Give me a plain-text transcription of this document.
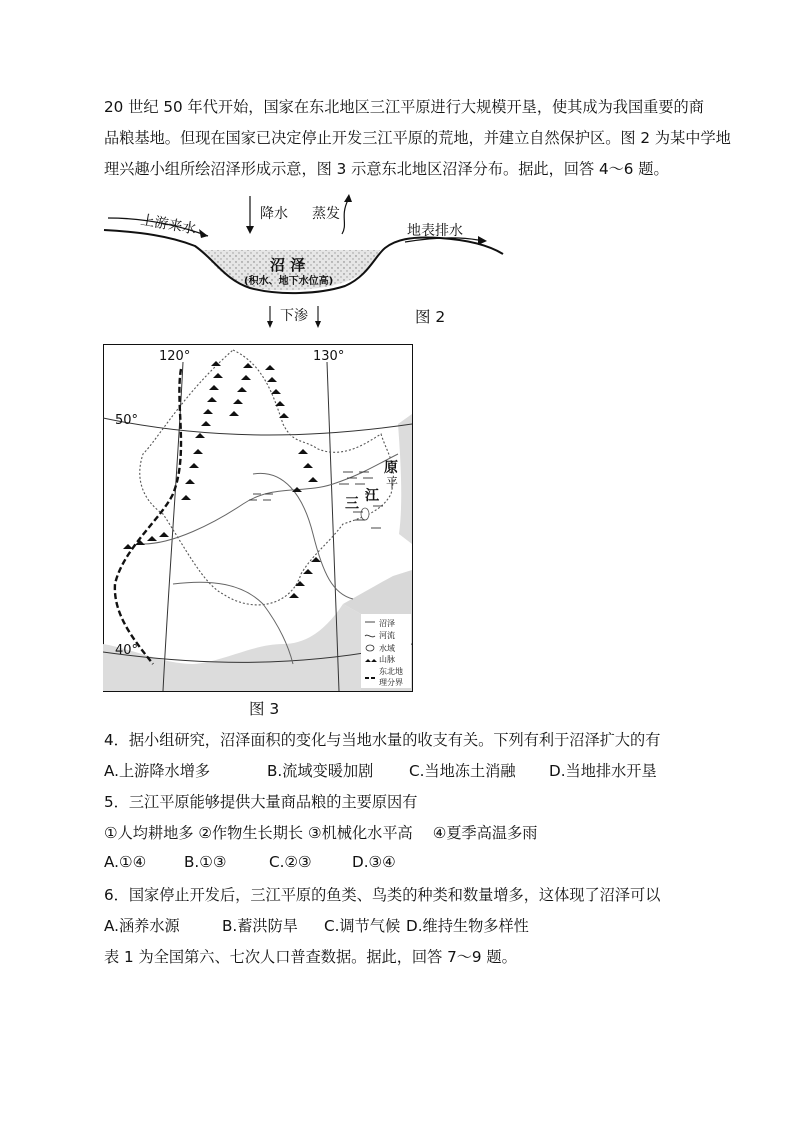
20 世纪 50 年代开始，国家在东北地区三江平原进行大规模开垦，使其成为我国重要的商
品粮基地。但现在国家已决定停止开发三江平原的荒地，并建立自然保护区。图 2 为某中学地
理兴趣小组所绘沼泽形成示意，图 3 示意东北地区沼泽分布。据此，回答 4～6 题。
上游来水	降水 蒸发
地表排水
沼 泽
(积水、地下水位高)
下渗	图 2
120°	130°
50°
40°
原
平
江
三
沼泽
河流
水域
山脉
东北地
理分界
图 3
4．据小组研究，沼泽面积的变化与当地水量的收支有关。下列有利于沼泽扩大的有
A.上游降水增多	B.流域变暖加剧 C.当地冻土消融 D.当地排水开垦
5．三江平原能够提供大量商品粮的主要原因有
①人均耕地多 ②作物生长期长 ③机械化水平高　 ④夏季高温多雨
A.①④ B.①③	C.②③	D.③④
6．国家停止开发后，三江平原的鱼类、鸟类的种类和数量增多，这体现了沼泽可以
A.涵养水源	B.蓄洪防旱 C.调节气候 D.维持生物多样性
表 1 为全国第六、七次人口普查数据。据此，回答 7～9 题。
